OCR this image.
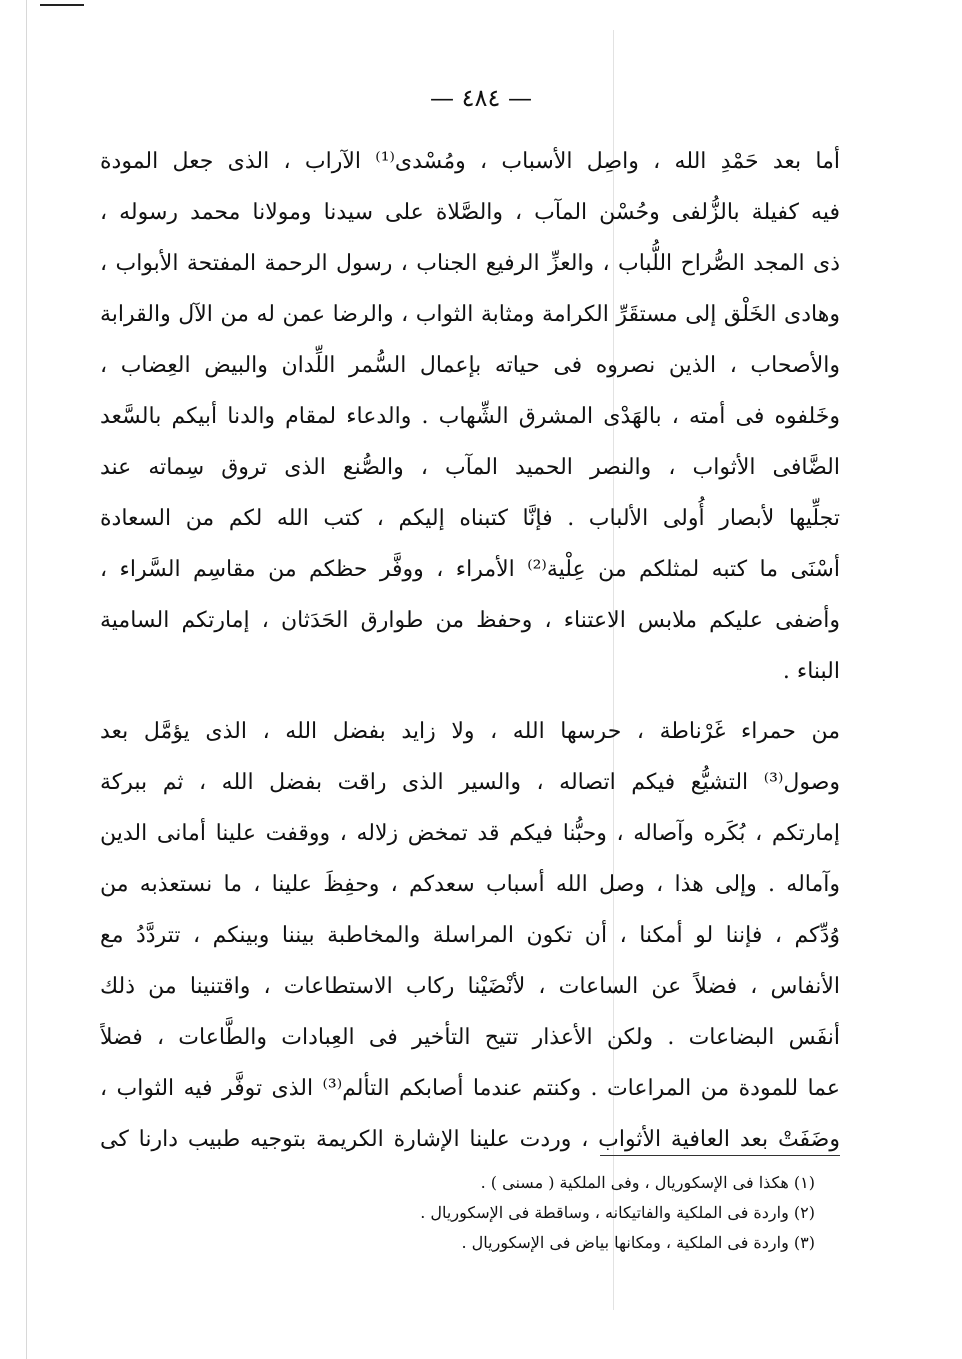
— ٤٨٤ —
أما بعد حَمْدِ الله ، واصِل الأسباب ، ومُسْدى⁽¹⁾ الآراب ، الذى جعل المودة
فيه كفيلة بالزُّلفى وحُسْن المآب ، والصَّلاة على سيدنا ومولانا محمد رسوله ،
ذى المجد الصُّراح اللُّباب ، والعزِّ الرفيع الجناب ، رسول الرحمة المفتحة الأبواب ،
وهادى الخَلْق إلى مستقَرِّ الكرامة ومثابة الثواب ، والرضا عمن له من الآل والقرابة
والأصحاب ، الذين نصروه فى حياته بإعمال السُّمر اللِّدان والبيض العِضاب ،
وخَلفوه فى أمته ، بالهَدْى المشرق الشِّهاب . والدعاء لمقام والدنا أبيكم بالسَّعد
الضَّافى الأثواب ، والنصر الحميد المآب ، والصُّنع الذى تروق سِماته عند
تجلِّيها لأبصار أُولى الألباب . فإنَّا كتبناه إليكم ، كتب الله لكم من السعادة
أسْنَى ما كتبه لمثلكم من عِلْية⁽²⁾ الأمراء ، ووفَّر حظكم من مقاسِم السَّراء ،
وأضفى عليكم ملابس الاعتناء ، وحفظ من طوارق الحَدَثان ، إمارتكم السامية
البناء .
من حمراء غَرْناطة ، حرسها الله ، ولا زايد بفضل الله ، الذى يؤمَّل بعد
وصول⁽³⁾ التشيُّع فيكم اتصاله ، والسير الذى راقت بفضل الله ، ثم ببركة
إمارتكم ، بُكَره وآصاله ، وحبُّنا فيكم قد تمخض زلاله ، ووقفت علينا أمانى الدين
وآماله . وإلى هذا ، وصل الله أسباب سعدكم ، وحفِظَ علينا ، ما نستعذبه من
وُدِّكم ، فإننا لو أمكنا ، أن تكون المراسلة والمخاطبة بيننا وبينكم ، تتردَّدُ مع
الأنفاس ، فضلاً عن الساعات ، لأنْضَيْنا ركاب الاستطاعات ، واقتنينا من ذلك
أنفَس البضاعات . ولكن الأعذار تتيح التأخير فى العِبادات والطَّاعات ، فضلاً
عما للمودة من المراعات . وكنتم عندما أصابكم التألم⁽³⁾ الذى توفَّر فيه الثواب ،
وضَفَتْ بعد العافية الأثواب ، وردت علينا الإشارة الكريمة بتوجيه طبيب دارنا كى
(١) هكذا فى الإسكوريال ، وفى الملكية ( مسنى ) .
(٢) واردة فى الملكية والفاتيكانه ، وساقطة فى الإسكوريال .
(٣) واردة فى الملكية ، ومكانها بياض فى الإسكوريال .
